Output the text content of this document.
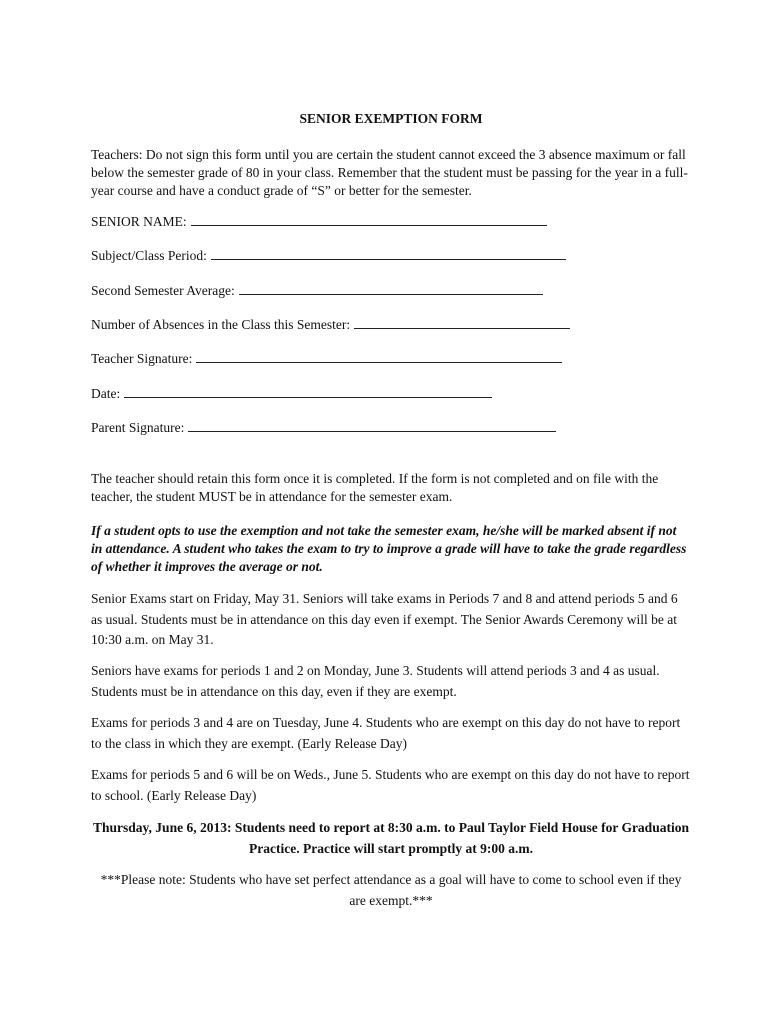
SENIOR EXEMPTION FORM

Teachers: Do not sign this form until you are certain the student cannot exceed the 3 absence maximum or fall below the semester grade of 80 in your class. Remember that the student must be passing for the year in a full-year course and have a conduct grade of “S” or better for the semester.

SENIOR NAME:
Subject/Class Period:
Second Semester Average:
Number of Absences in the Class this Semester:
Teacher Signature:
Date:
Parent Signature:

The teacher should retain this form once it is completed. If the form is not completed and on file with the teacher, the student MUST be in attendance for the semester exam.

If a student opts to use the exemption and not take the semester exam, he/she will be marked absent if not in attendance. A student who takes the exam to try to improve a grade will have to take the grade regardless of whether it improves the average or not.

Senior Exams start on Friday, May 31. Seniors will take exams in Periods 7 and 8 and attend periods 5 and 6 as usual. Students must be in attendance on this day even if exempt. The Senior Awards Ceremony will be at 10:30 a.m. on May 31.

Seniors have exams for periods 1 and 2 on Monday, June 3. Students will attend periods 3 and 4 as usual. Students must be in attendance on this day, even if they are exempt.

Exams for periods 3 and 4 are on Tuesday, June 4. Students who are exempt on this day do not have to report to the class in which they are exempt. (Early Release Day)

Exams for periods 5 and 6 will be on Weds., June 5. Students who are exempt on this day do not have to report to school. (Early Release Day)

Thursday, June 6, 2013: Students need to report at 8:30 a.m. to Paul Taylor Field House for Graduation Practice. Practice will start promptly at 9:00 a.m.

***Please note: Students who have set perfect attendance as a goal will have to come to school even if they are exempt.***
